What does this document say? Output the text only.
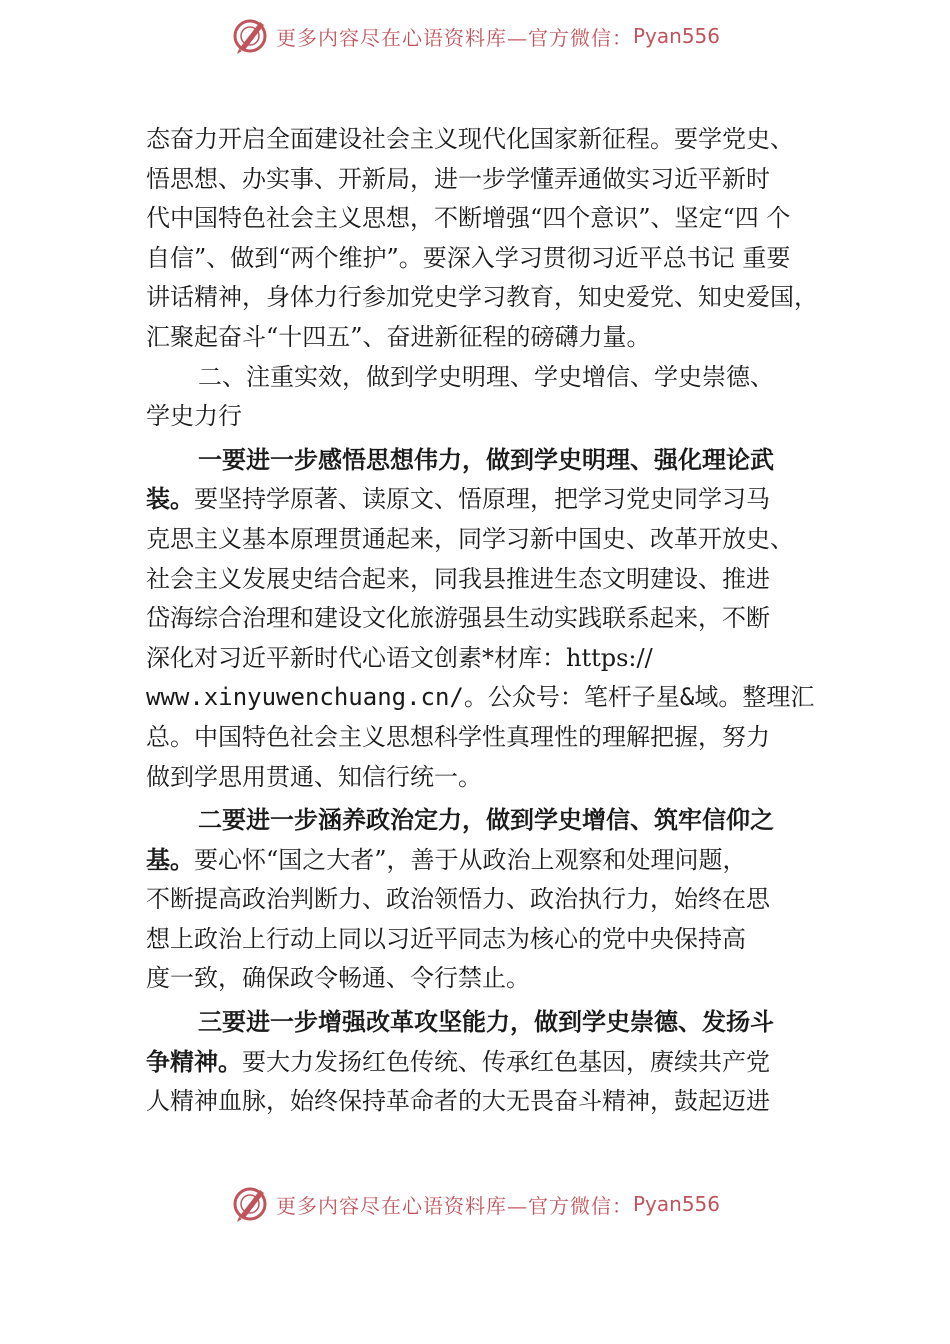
更多内容尽在心语资料库—官方微信： Pyan556
态奋力开启全面建设社会主义现代化国家新征程。要学党史、
悟思想、办实事、开新局，进一步学懂弄通做实习近平新时
代中国特色社会主义思想，不断增强“四个意识”、坚定“四 个
自信”、做到“两个维护”。要深入学习贯彻习近平总书记 重要
讲话精神，身体力行参加党史学习教育，知史爱党、知史爱国，
汇聚起奋斗“十四五”、奋进新征程的磅礴力量。
二、注重实效，做到学史明理、学史增信、学史崇德、
学史力行
一要进一步感悟思想伟力，做到学史明理、强化理论武
装。要坚持学原著、读原文、悟原理，把学习党史同学习马
克思主义基本原理贯通起来，同学习新中国史、改革开放史、
社会主义发展史结合起来，同我县推进生态文明建设、推进
岱海综合治理和建设文化旅游强县生动实践联系起来，不断
深化对习近平新时代心语文创素*材库：https://
www.xinyuwenchuang.cn/。公众号：笔杆子星&域。整理汇
总。中国特色社会主义思想科学性真理性的理解把握，努力
做到学思用贯通、知信行统一。
二要进一步涵养政治定力，做到学史增信、筑牢信仰之
基。要心怀“国之大者”，善于从政治上观察和处理问题，
不断提高政治判断力、政治领悟力、政治执行力，始终在思
想上政治上行动上同以习近平同志为核心的党中央保持高
度一致，确保政令畅通、令行禁止。
三要进一步增强改革攻坚能力，做到学史崇德、发扬斗
争精神。要大力发扬红色传统、传承红色基因，赓续共产党
人精神血脉，始终保持革命者的大无畏奋斗精神，鼓起迈进
更多内容尽在心语资料库—官方微信： Pyan556
